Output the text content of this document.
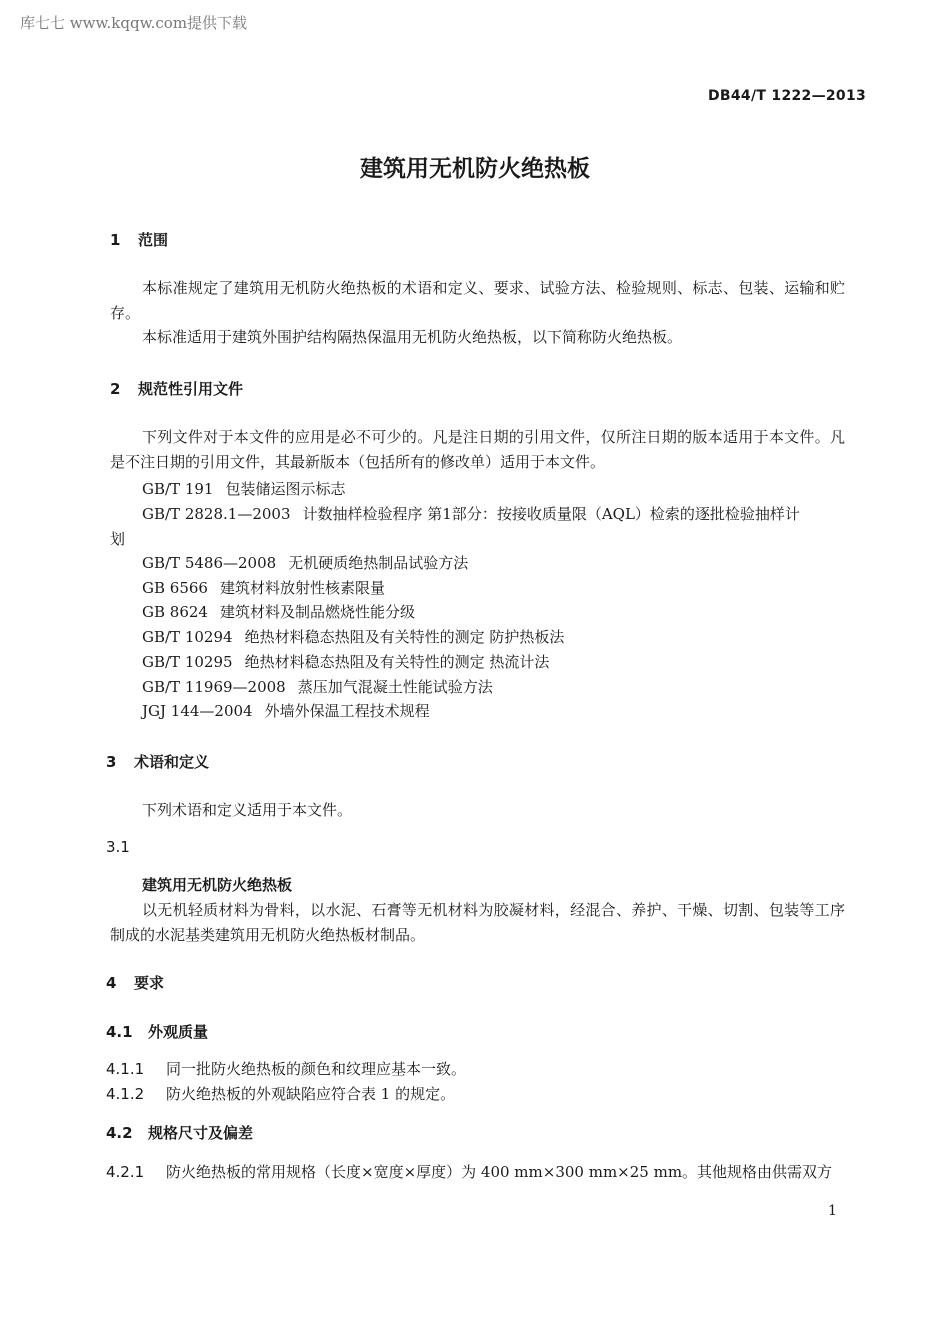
库七七 www.kqqw.com提供下载
DB44/T 1222—2013
建筑用无机防火绝热板
1 范围
本标准规定了建筑用无机防火绝热板的术语和定义、要求、试验方法、检验规则、标志、包装、运输和贮存。
本标准适用于建筑外围护结构隔热保温用无机防火绝热板，以下简称防火绝热板。
2 规范性引用文件
下列文件对于本文件的应用是必不可少的。凡是注日期的引用文件，仅所注日期的版本适用于本文件。凡是不注日期的引用文件，其最新版本（包括所有的修改单）适用于本文件。
GB/T 191 包装储运图示标志
GB/T 2828.1—2003 计数抽样检验程序 第1部分：按接收质量限（AQL）检索的逐批检验抽样计
划
GB/T 5486—2008 无机硬质绝热制品试验方法
GB 6566 建筑材料放射性核素限量
GB 8624 建筑材料及制品燃烧性能分级
GB/T 10294 绝热材料稳态热阻及有关特性的测定 防护热板法
GB/T 10295 绝热材料稳态热阻及有关特性的测定 热流计法
GB/T 11969—2008 蒸压加气混凝土性能试验方法
JGJ 144—2004 外墙外保温工程技术规程
3 术语和定义
下列术语和定义适用于本文件。
3.1
建筑用无机防火绝热板
以无机轻质材料为骨料，以水泥、石膏等无机材料为胶凝材料，经混合、养护、干燥、切割、包装等工序制成的水泥基类建筑用无机防火绝热板材制品。
4 要求
4.1 外观质量
4.1.1 同一批防火绝热板的颜色和纹理应基本一致。
4.1.2 防火绝热板的外观缺陷应符合表 1 的规定。
4.2 规格尺寸及偏差
4.2.1 防火绝热板的常用规格（长度×宽度×厚度）为 400 mm×300 mm×25 mm。其他规格由供需双方
1
